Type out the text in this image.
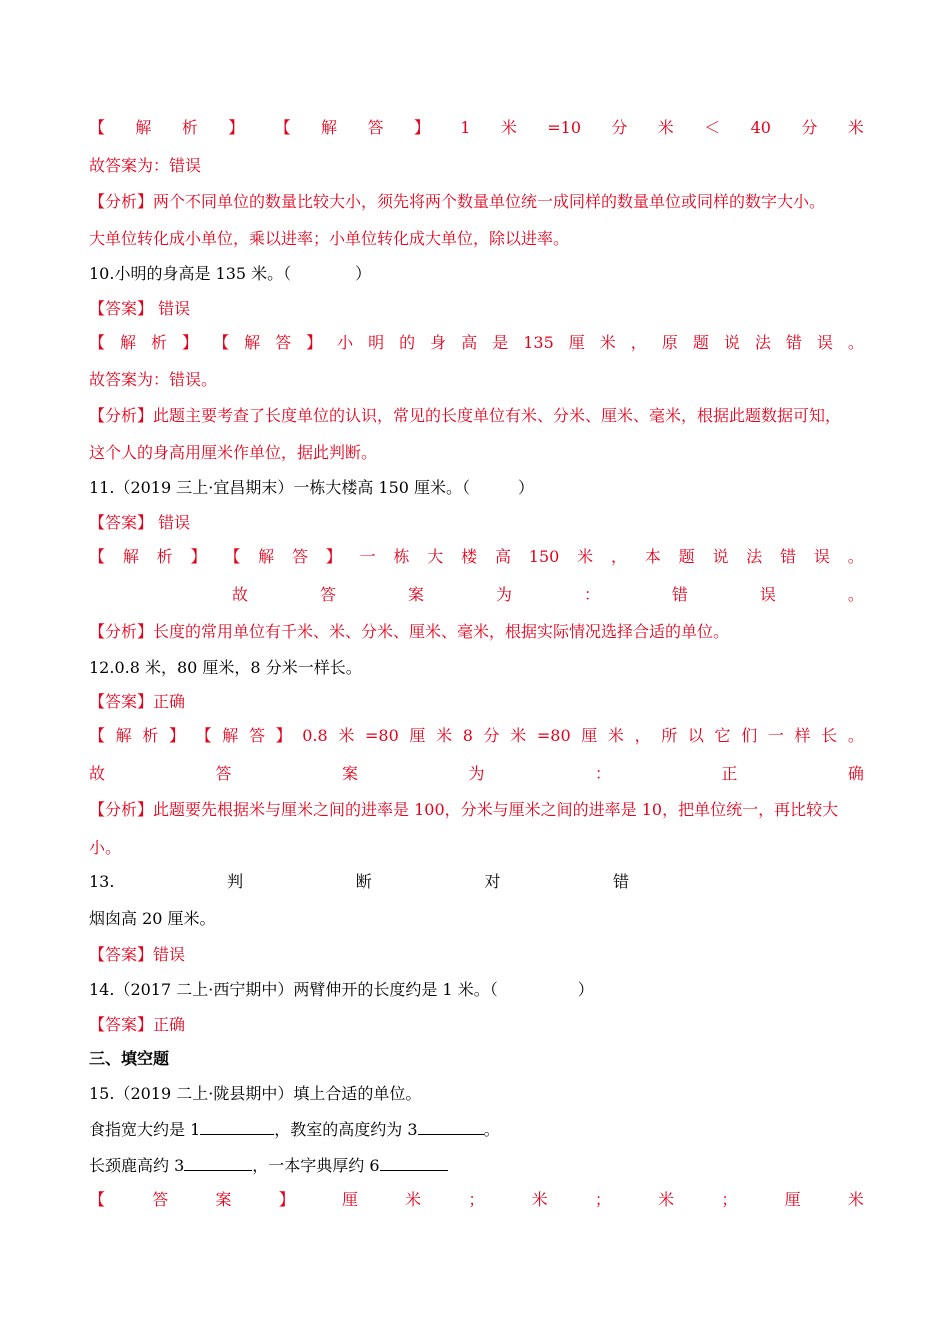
【 解 析 】 【 解 答 】 1 米 =10 分 米 ＜ 40 分 米
故答案为：错误
【分析】两个不同单位的数量比较大小，须先将两个数量单位统一成同样的数量单位或同样的数字大小。
大单位转化成小单位，乘以进率；小单位转化成大单位，除以进率。
10.小明的身高是 135 米。（　　　　）
【答案】 错误
【 解 析 】 【 解 答 】 小 明 的 身 高 是 135 厘 米 ， 原 题 说 法 错 误 。
故答案为：错误。
【分析】此题主要考查了长度单位的认识，常见的长度单位有米、分米、厘米、毫米，根据此题数据可知，
这个人的身高用厘米作单位，据此判断。
11.（2019 三上·宜昌期末）一栋大楼高 150 厘米。（　　　）
【答案】 错误
【 解 析 】 【 解 答 】 一 栋 大 楼 高 150 米 ， 本 题 说 法 错 误 。
故	答	案	为	：	错	误	。
【分析】长度的常用单位有千米、米、分米、厘米、毫米，根据实际情况选择合适的单位。
12.0.8 米，80 厘米，8 分米一样长。
【答案】正确
【 解 析 】 【 解 答 】 0.8 米 =80 厘 米 8 分 米 =80 厘 米 ， 所 以 它 们 一 样 长 。
故	答	案	为	：	正	确
【分析】此题要先根据米与厘米之间的进率是 100，分米与厘米之间的进率是 10，把单位统一，再比较大
小。
13.	判	断	对	错
烟囱高 20 厘米。
【答案】错误
14.（2017 二上·西宁期中）两臂伸开的长度约是 1 米。（　　　　　）
【答案】正确
三、填空题
15.（2019 二上·陇县期中）填上合适的单位。
食指宽大约是 1	，教室的高度约为 3	。
长颈鹿高约 3	，一本字典厚约 6
【	答	案	】	厘	米	；	米	；	米	；	厘	米
